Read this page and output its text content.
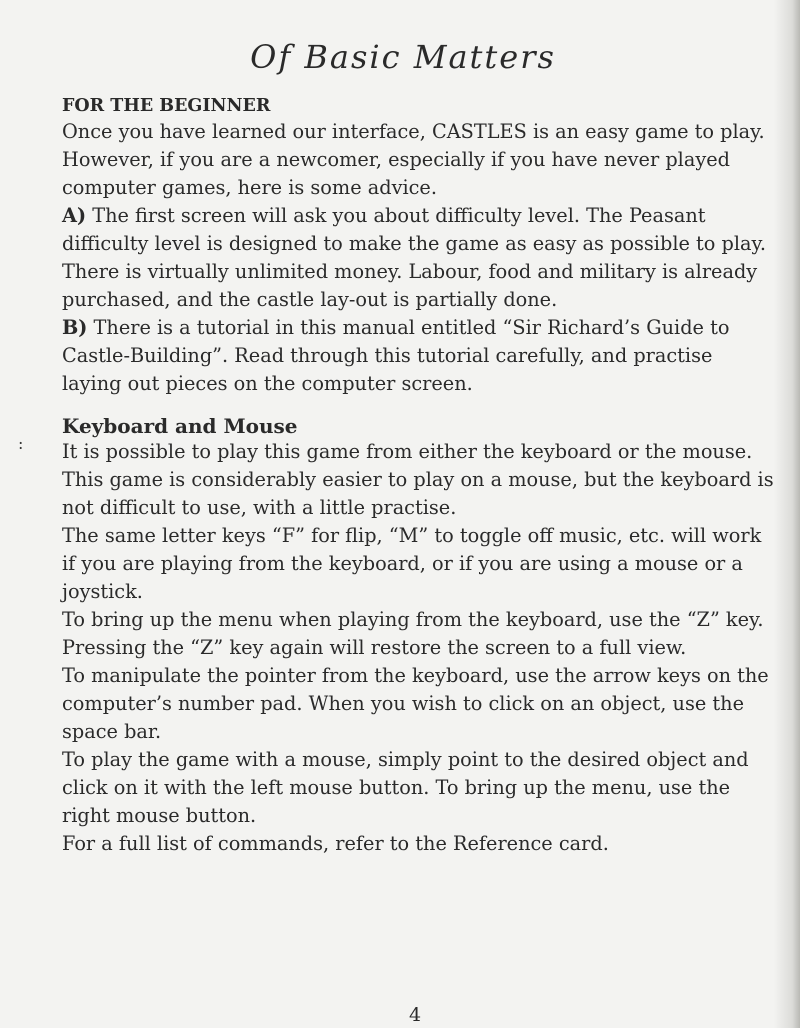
:
Of Basic Matters
FOR THE BEGINNER

Once you have learned our interface, CASTLES is an easy game to play. However, if you are a newcomer, especially if you have never played computer games, here is some advice.

A) The first screen will ask you about difficulty level. The Peasant difficulty level is designed to make the game as easy as possible to play. There is virtually unlimited money. Labour, food and military is already purchased, and the castle lay-out is partially done.

B) There is a tutorial in this manual entitled “Sir Richard’s Guide to Castle-Building”. Read through this tutorial carefully, and practise laying out pieces on the computer screen.

Keyboard and Mouse

It is possible to play this game from either the keyboard or the mouse. This game is considerably easier to play on a mouse, but the keyboard is not difficult to use, with a little practise.

The same letter keys “F” for flip, “M” to toggle off music, etc. will work if you are playing from the keyboard, or if you are using a mouse or a joystick.

To bring up the menu when playing from the keyboard, use the “Z” key. Pressing the “Z” key again will restore the screen to a full view.

To manipulate the pointer from the keyboard, use the arrow keys on the computer’s number pad. When you wish to click on an object, use the space bar.

To play the game with a mouse, simply point to the desired object and click on it with the left mouse button. To bring up the menu, use the right mouse button.

For a full list of commands, refer to the Reference card.

4
